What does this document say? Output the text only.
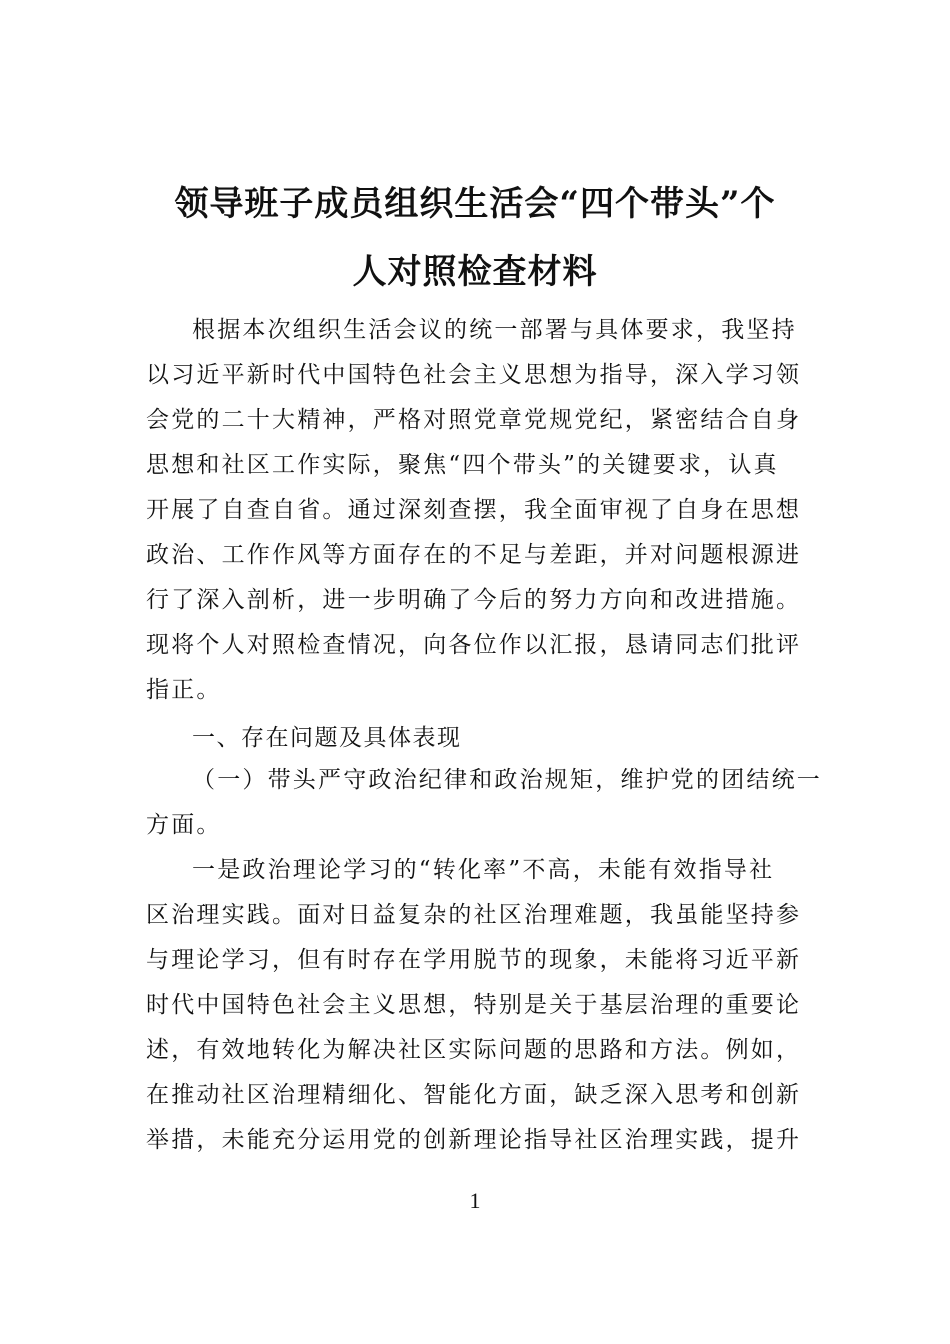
领导班子成员组织生活会“四个带头”个
人对照检查材料
根据本次组织生活会议的统一部署与具体要求，我坚持
以习近平新时代中国特色社会主义思想为指导，深入学习领
会党的二十大精神，严格对照党章党规党纪，紧密结合自身
思想和社区工作实际，聚焦“四个带头”的关键要求，认真
开展了自查自省。通过深刻查摆，我全面审视了自身在思想
政治、工作作风等方面存在的不足与差距，并对问题根源进
行了深入剖析，进一步明确了今后的努力方向和改进措施。
现将个人对照检查情况，向各位作以汇报，恳请同志们批评
指正。
一、存在问题及具体表现
（一）带头严守政治纪律和政治规矩，维护党的团结统一
方面。
一是政治理论学习的“转化率”不高，未能有效指导社
区治理实践。面对日益复杂的社区治理难题，我虽能坚持参
与理论学习，但有时存在学用脱节的现象，未能将习近平新
时代中国特色社会主义思想，特别是关于基层治理的重要论
述，有效地转化为解决社区实际问题的思路和方法。例如，
在推动社区治理精细化、智能化方面，缺乏深入思考和创新
举措，未能充分运用党的创新理论指导社区治理实践，提升
1
